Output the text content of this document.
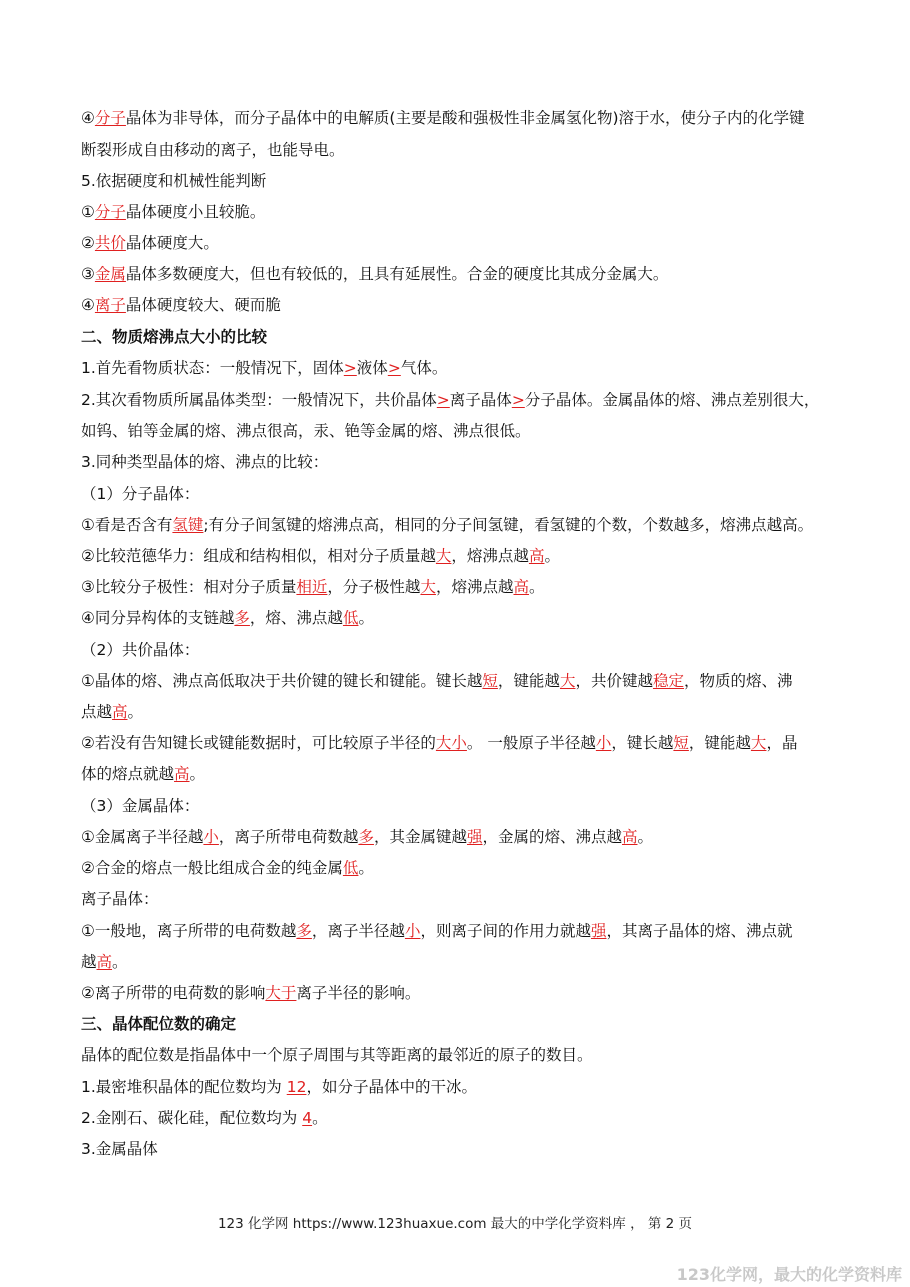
④分子晶体为非导体，而分子晶体中的电解质(主要是酸和强极性非金属氢化物)溶于水，使分子内的化学键
断裂形成自由移动的离子，也能导电。
5.依据硬度和机械性能判断
①分子晶体硬度小且较脆。
②共价晶体硬度大。
③金属晶体多数硬度大，但也有较低的，且具有延展性。合金的硬度比其成分金属大。
④离子晶体硬度较大、硬而脆
二、物质熔沸点大小的比较
1.首先看物质状态：一般情况下，固体>液体>气体。
2.其次看物质所属晶体类型：一般情况下，共价晶体>离子晶体>分子晶体。金属晶体的熔、沸点差别很大，
如钨、铂等金属的熔、沸点很高，汞、铯等金属的熔、沸点很低。
3.同种类型晶体的熔、沸点的比较：
（1）分子晶体：
①看是否含有氢键;有分子间氢键的熔沸点高，相同的分子间氢键，看氢键的个数，个数越多，熔沸点越高。
②比较范德华力：组成和结构相似，相对分子质量越大，熔沸点越高。
③比较分子极性：相对分子质量相近，分子极性越大，熔沸点越高。
④同分异构体的支链越多，熔、沸点越低。
（2）共价晶体：
①晶体的熔、沸点高低取决于共价键的键长和键能。键长越短，键能越大，共价键越稳定，物质的熔、沸
点越高。
②若没有告知键长或键能数据时，可比较原子半径的大小。 一般原子半径越小，键长越短，键能越大，晶
体的熔点就越高。
（3）金属晶体：
①金属离子半径越小，离子所带电荷数越多，其金属键越强，金属的熔、沸点越高。
②合金的熔点一般比组成合金的纯金属低。
离子晶体：
①一般地，离子所带的电荷数越多，离子半径越小，则离子间的作用力就越强，其离子晶体的熔、沸点就
越高。
②离子所带的电荷数的影响大于离子半径的影响。
三、晶体配位数的确定
晶体的配位数是指晶体中一个原子周围与其等距离的最邻近的原子的数目。
1.最密堆积晶体的配位数均为 12，如分子晶体中的干冰。
2.金刚石、碳化硅，配位数均为 4。
3.金属晶体
123 化学网 https://www.123huaxue.com 最大的中学化学资料库 ， 第 2 页
123化学网，最大的化学资料库
